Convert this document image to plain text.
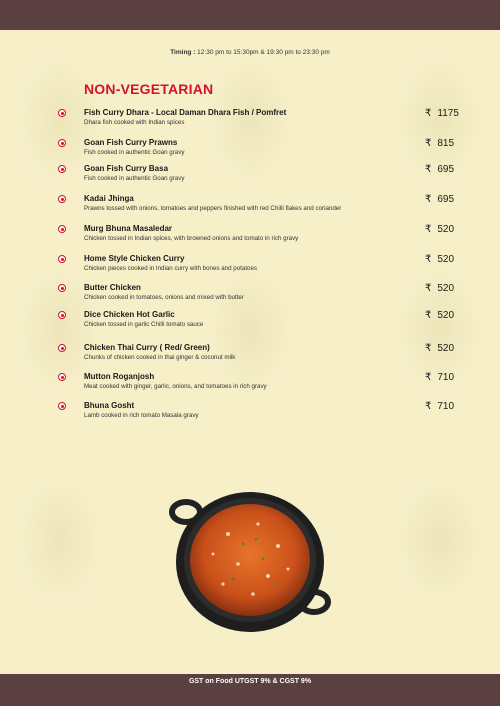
Timing : 12:30 pm to 15:30pm & 19:30 pm to 23:30 pm
NON-VEGETARIAN
Fish Curry Dhara - Local Daman Dhara Fish / Pomfret
Dhara fish cooked with Indian spices
₹ 1175
Goan Fish Curry Prawns
Fish cooked in authentic Goan gravy
₹ 815
Goan Fish Curry Basa
Fish cooked in authentic Goan gravy
₹ 695
Kadai Jhinga
Prawns tossed with onions, tomatoes and peppers finished with red Chilli flakes and coriander
₹ 695
Murg Bhuna Masaledar
Chicken tossed in Indian spices, with browned onions and tomato in rich gravy
₹ 520
Home Style Chicken Curry
Chicken pieces cooked in Indian curry with bones and potatoes
₹ 520
Butter Chicken
Chicken cooked in tomatoes, onions and mixed with butter
₹ 520
Dice Chicken Hot Garlic
Chicken tossed in garlic Chilli tomato sauce
₹ 520
Chicken Thai Curry ( Red/ Green)
Chunks of chicken cooked in thai ginger & coconut milk
₹ 520
Mutton Roganjosh
Meat cooked with ginger, garlic, onions, and tomatoes in rich gravy
₹ 710
Bhuna Gosht
Lamb cooked in rich tomato Masala gravy
₹ 710
GST on Food UTGST 9% & CGST 9%
